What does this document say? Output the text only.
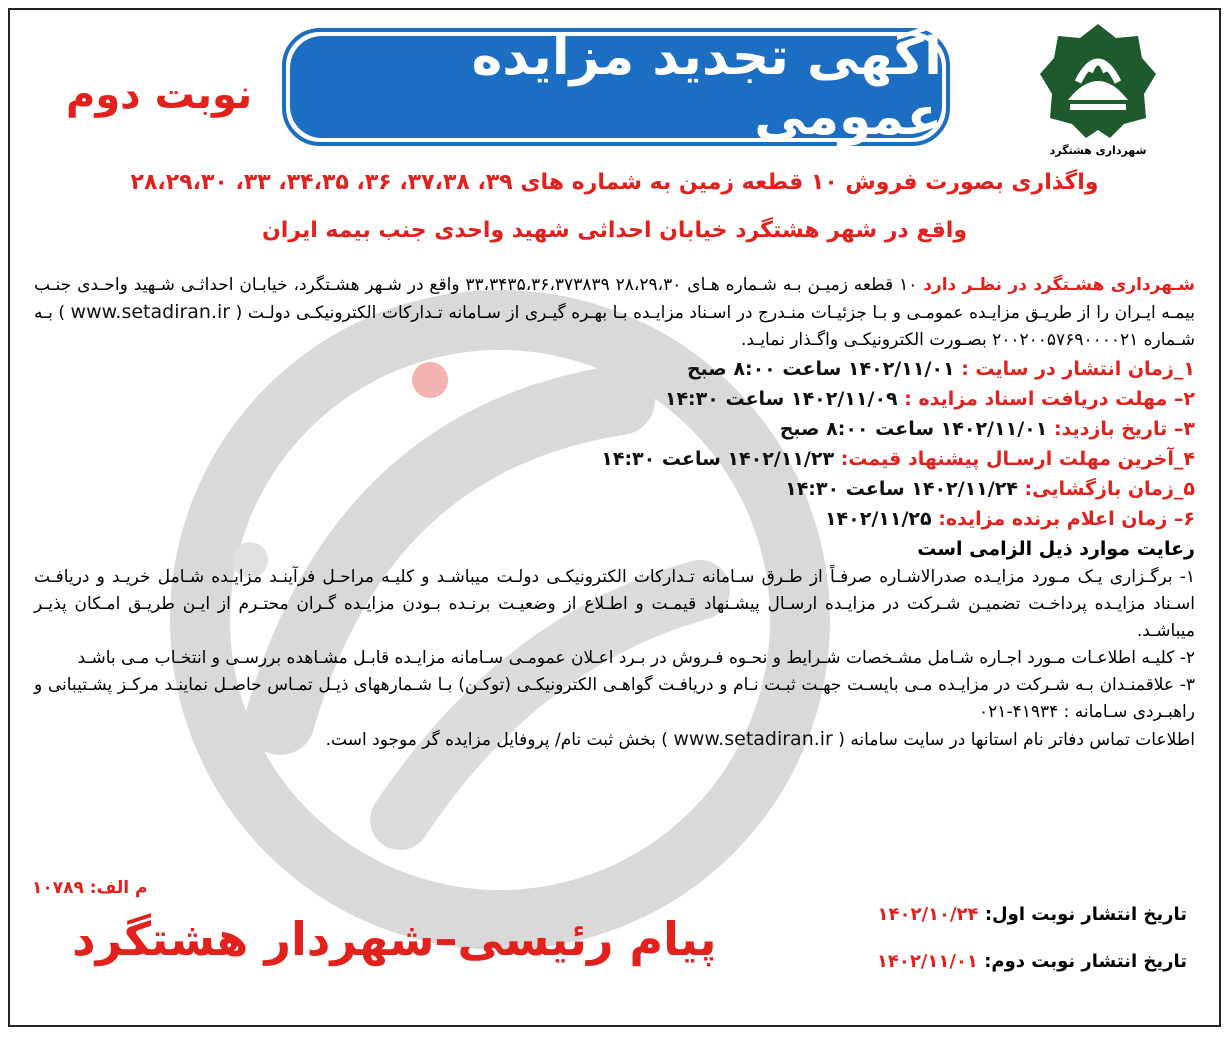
شهرداری هشتگرد
آگهی تجدید مزایده عمومی
نوبت دوم
واگذاری بصورت فروش ۱۰ قطعه زمین به شماره های ۳۹، ۳۷،۳۸، ۳۶، ۳۴،۳۵، ۳۳، ۲۸،۲۹،۳۰
واقع در شهر هشتگرد خیابان احداثی شهید واحدی جنب بیمه ایران

شـهرداری هشـتگرد در نظـر دارد ۱۰ قطعه زمیـن بـه شـماره هـای ۲۸،۲۹،۳۰ ۳۳،۳۴۳۵،۳۶،۳۷۳۸۳۹ واقع در شـهر هشـتگرد، خیابـان احداثـی شـهید واحـدی جنـب بیمـه ایـران را از طریـق مزایـده عمومـی و بـا جزئیـات منـدرج در اسـناد مزایـده بـا بهـره گیـری از سـامانه تـدارکات الکترونیکـی دولـت ( www.setadiran.ir ) بـه شـماره ۲۰۰۲۰۰۵۷۶۹۰۰۰۰۲۱ بصـورت الکترونیکـی واگـذار نمایـد.

۱_زمان انتشار در سایت : ۱۴۰۲/۱۱/۰۱ ساعت ۸:۰۰ صبح
۲– مهلت دریافت اسناد مزایده : ۱۴۰۲/۱۱/۰۹ ساعت ۱۴:۳۰
۳– تاریخ بازدید: ۱۴۰۲/۱۱/۰۱ ساعت ۸:۰۰ صبح
۴_آخرین مهلت ارسـال پیشنهاد قیمت: ۱۴۰۲/۱۱/۲۳ ساعت ۱۴:۳۰
۵_زمان بازگشایی: ۱۴۰۲/۱۱/۲۴ ساعت ۱۴:۳۰
۶– زمان اعلام برنده مزایده: ۱۴۰۲/۱۱/۲۵
رعایت موارد ذیل الزامی است

۱- برگـزاری یـک مـورد مزایـده صدرالاشـاره صرفـاً از طـرق سـامانه تـدارکات الکترونیکـی دولـت میباشـد و کلیـه مراحـل فرآینـد مزایـده شـامل خریـد و دریافـت اسـناد مزایـده پرداخـت تضمیـن شـرکت در مزایـده ارسـال پیشـنهاد قیمـت و اطـلاع از وضعیـت برنـده بـودن مزایـده گـران محتـرم از ایـن طریـق امـکان پذیـر میباشـد.

۲- کلیـه اطلاعـات مـورد اجـاره شـامل مشـخصات شـرایط و نحـوه فـروش در بـرد اعـلان عمومـی سـامانه مزایـده قابـل مشـاهده بررسـی و انتخـاب مـی باشـد

۳- علاقمنـدان بـه شـرکت در مزایـده مـی بایسـت جهـت ثبـت نـام و دریافـت گواهـی الکترونیکـی (توکـن) بـا شـمارههای ذیـل تمـاس حاصـل نماینـد مرکـز پشـتیبانی و راهبـردی سـامانه : ۴۱۹۳۴-۰۲۱

اطلاعات تماس دفاتر نام استانها در سایت سامانه ( www.setadiran.ir ) بخش ثبت نام/ پروفایل مزایده گر موجود است.

م الف: ۱۰۷۸۹
پیام رئیسی–شهردار هشتگرد	تاریخ انتشار نوبت اول: ۱۴۰۲/۱۰/۲۴
تاریخ انتشار نوبت دوم: ۱۴۰۲/۱۱/۰۱
